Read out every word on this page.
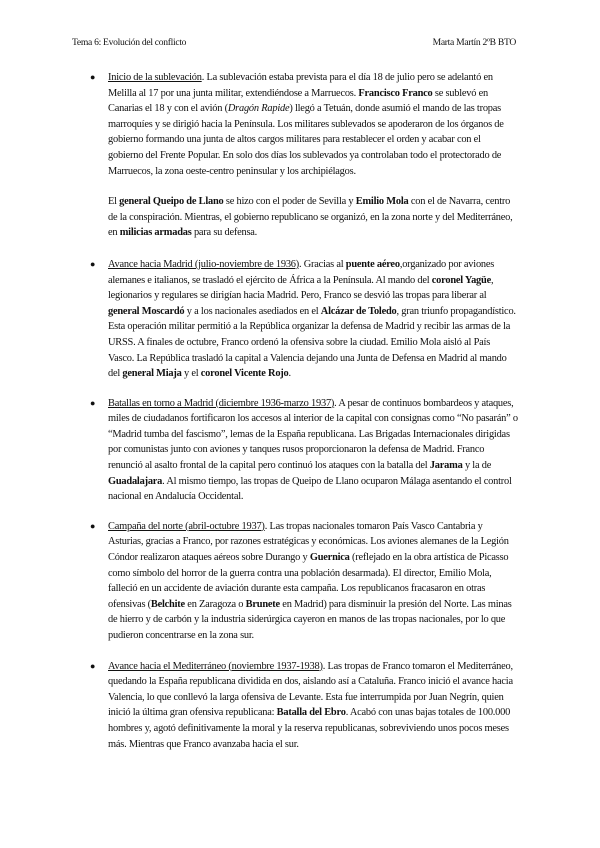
Tema 6: Evolución del conflicto	Marta Martín 2ºB BTO
● Inicio de la sublevación. La sublevación estaba prevista para el día 18 de julio pero se adelantó en Melilla al 17 por una junta militar, extendiéndose a Marruecos. Francisco Franco se sublevó en Canarias el 18 y con el avión (Dragón Rapide) llegó a Tetuán, donde asumió el mando de las tropas marroquíes y se dirigió hacia la Península. Los militares sublevados se apoderaron de los órganos de gobierno formando una junta de altos cargos militares para restablecer el orden y acabar con el gobierno del Frente Popular. En solo dos días los sublevados ya controlaban todo el protectorado de Marruecos, la zona oeste-centro peninsular y los archipiélagos.
El general Queipo de Llano se hizo con el poder de Sevilla y Emilio Mola con el de Navarra, centro de la conspiración. Mientras, el gobierno republicano se organizó, en la zona norte y del Mediterráneo, en milicias armadas para su defensa.
● Avance hacia Madrid (julio-noviembre de 1936). Gracias al puente aéreo,organizado por aviones alemanes e italianos, se trasladó el ejército de África a la Península. Al mando del coronel Yagüe, legionarios y regulares se dirigían hacia Madrid. Pero, Franco se desvió las tropas para liberar al general Moscardó y a los nacionales asediados en el Alcázar de Toledo, gran triunfo propagandístico. Esta operación militar permitió a la República organizar la defensa de Madrid y recibir las armas de la URSS. A finales de octubre, Franco ordenó la ofensiva sobre la ciudad. Emilio Mola aisló al País Vasco. La República trasladó la capital a Valencia dejando una Junta de Defensa en Madrid al mando del general Miaja y el coronel Vicente Rojo.
● Batallas en torno a Madrid (diciembre 1936-marzo 1937). A pesar de continuos bombardeos y ataques, miles de ciudadanos fortificaron los accesos al interior de la capital con consignas como “No pasarán” o “Madrid tumba del fascismo”, lemas de la España republicana. Las Brigadas Internacionales dirigidas por comunistas junto con aviones y tanques rusos proporcionaron la defensa de Madrid. Franco renunció al asalto frontal de la capital pero continuó los ataques con la batalla del Jarama y la de Guadalajara. Al mismo tiempo, las tropas de Queipo de Llano ocuparon Málaga asentando el control nacional en Andalucía Occidental.
● Campaña del norte (abril-octubre 1937). Las tropas nacionales tomaron País Vasco Cantabria y Asturias, gracias a Franco, por razones estratégicas y económicas. Los aviones alemanes de la Legión Cóndor realizaron ataques aéreos sobre Durango y Guernica (reflejado en la obra artística de Picasso como símbolo del horror de la guerra contra una población desarmada). El director, Emilio Mola, falleció en un accidente de aviación durante esta campaña. Los republicanos fracasaron en otras ofensivas (Belchite en Zaragoza o Brunete en Madrid) para disminuir la presión del Norte. Las minas de hierro y de carbón y la industria siderúrgica cayeron en manos de las tropas nacionales, por lo que pudieron concentrarse en la zona sur.
● Avance hacia el Mediterráneo (noviembre 1937-1938). Las tropas de Franco tomaron el Mediterráneo, quedando la España republicana dividida en dos, aislando así a Cataluña. Franco inició el avance hacia Valencia, lo que conllevó la larga ofensiva de Levante. Esta fue interrumpida por Juan Negrín, quien inició la última gran ofensiva republicana: Batalla del Ebro. Acabó con unas bajas totales de 100.000 hombres y, agotó definitivamente la moral y la reserva republicanas, sobreviviendo unos pocos meses más. Mientras que Franco avanzaba hacia el sur.
